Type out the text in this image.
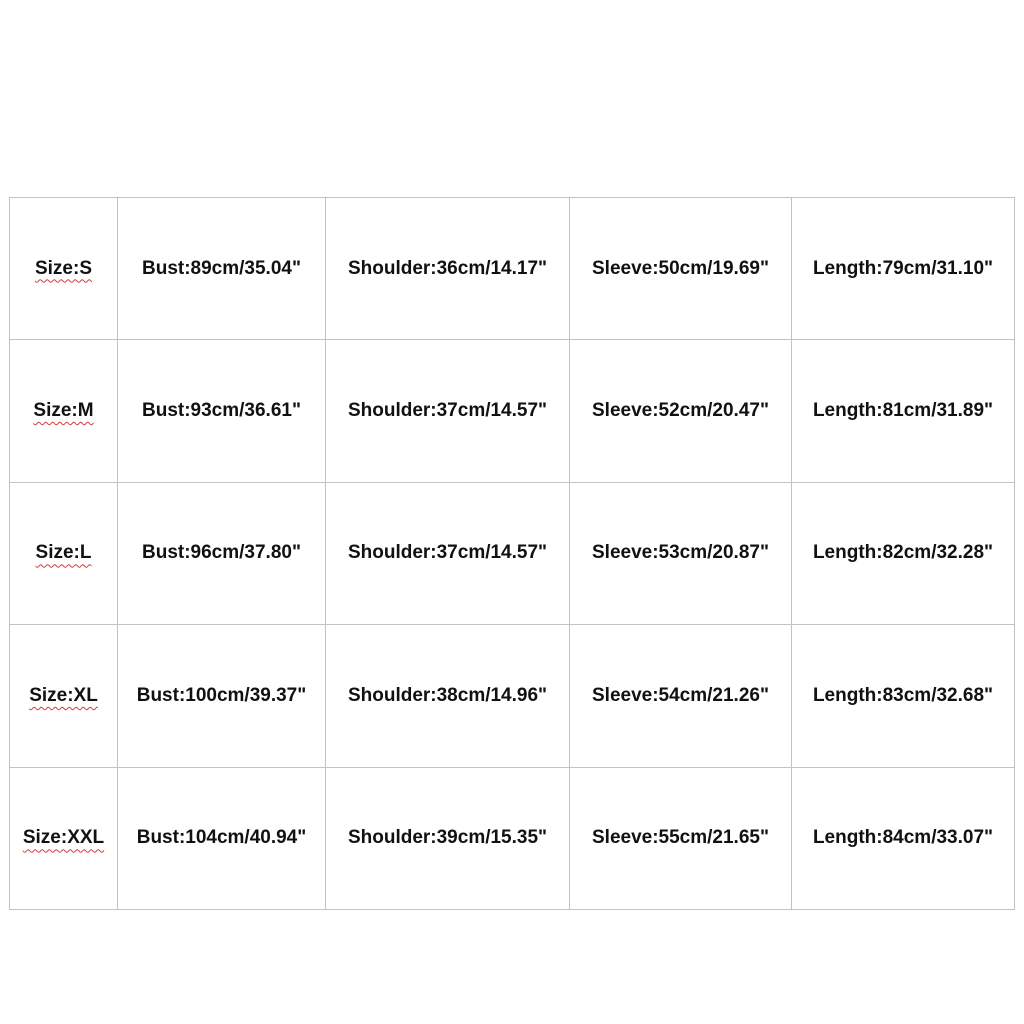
Size:S	Bust:89cm/35.04"	Shoulder:36cm/14.17"	Sleeve:50cm/19.69"	Length:79cm/31.10"
Size:M	Bust:93cm/36.61"	Shoulder:37cm/14.57"	Sleeve:52cm/20.47"	Length:81cm/31.89"
Size:L	Bust:96cm/37.80"	Shoulder:37cm/14.57"	Sleeve:53cm/20.87"	Length:82cm/32.28"
Size:XL	Bust:100cm/39.37"	Shoulder:38cm/14.96"	Sleeve:54cm/21.26"	Length:83cm/32.68"
Size:XXL	Bust:104cm/40.94"	Shoulder:39cm/15.35"	Sleeve:55cm/21.65"	Length:84cm/33.07"
